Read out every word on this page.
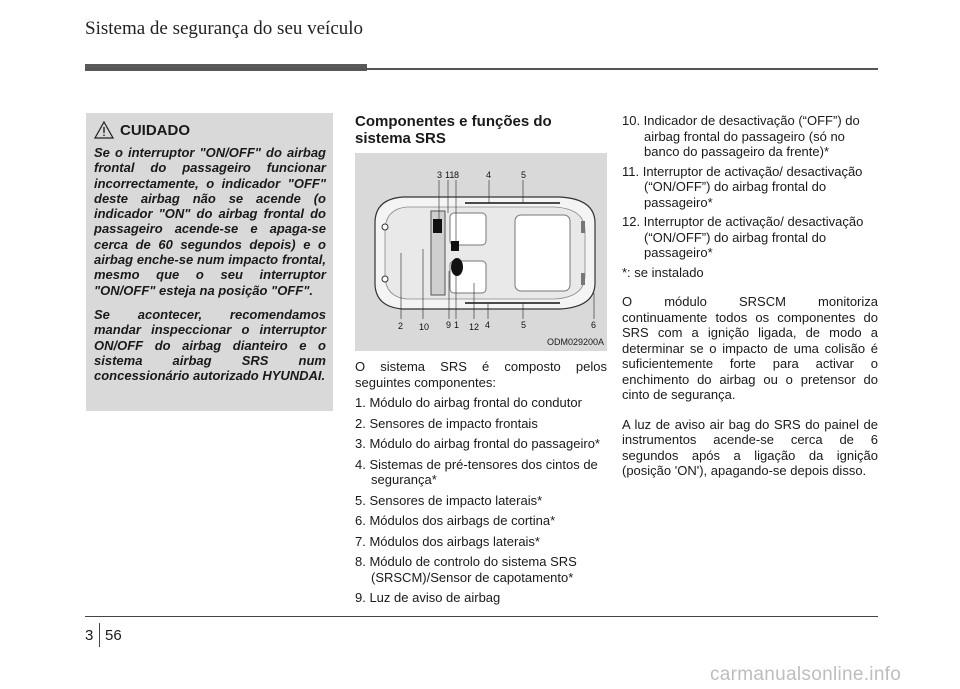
Sistema de segurança do seu veículo
CUIDADO

Se o interruptor "ON/OFF" do airbag frontal do passageiro funcionar incorrectamente, o indicador "OFF" deste airbag não se acende (o indicador "ON" do airbag frontal do passageiro acende-se e apaga-se cerca de 60 segundos depois) e o airbag enche-se num impacto frontal, mesmo que o seu interruptor "ON/OFF" esteja na posição "OFF".

Se acontecer, recomendamos mandar inspeccionar o interruptor ON/OFF do airbag dianteiro e o sistema airbag SRS num concessionário autorizado HYUNDAI.

Componentes e funções do sistema SRS
3 11 8	4	5
2 10 9 1 12 4	5	6
ODM029200A

O sistema SRS é composto pelos seguintes componentes:

1. Módulo do airbag frontal do condutor
2. Sensores de impacto frontais
3. Módulo do airbag frontal do passageiro*
4. Sistemas de pré-tensores dos cintos de segurança*
5. Sensores de impacto laterais*
6. Módulos dos airbags de cortina*
7. Módulos dos airbags laterais*
8. Módulo de controlo do sistema SRS (SRSCM)/Sensor de capotamento*
9. Luz de aviso de airbag
10. Indicador de desactivação (“OFF”) do airbag frontal do passageiro (só no banco do passageiro da frente)*
11. Interruptor de activação/ desactivação (“ON/OFF”) do airbag frontal do passageiro*
12. Interruptor de activação/ desactivação (“ON/OFF”) do airbag frontal do passageiro*

*: se instalado

O módulo SRSCM monitoriza continuamente todos os componentes do SRS com a ignição ligada, de modo a determinar se o impacto de uma colisão é suficientemente forte para activar o enchimento do airbag ou o pretensor do cinto de segurança.

A luz de aviso air bag do SRS do painel de instrumentos acende-se cerca de 6 segundos após a ligação da ignição (posição 'ON'), apagando-se depois disso.

3 56
carmanualsonline.info
